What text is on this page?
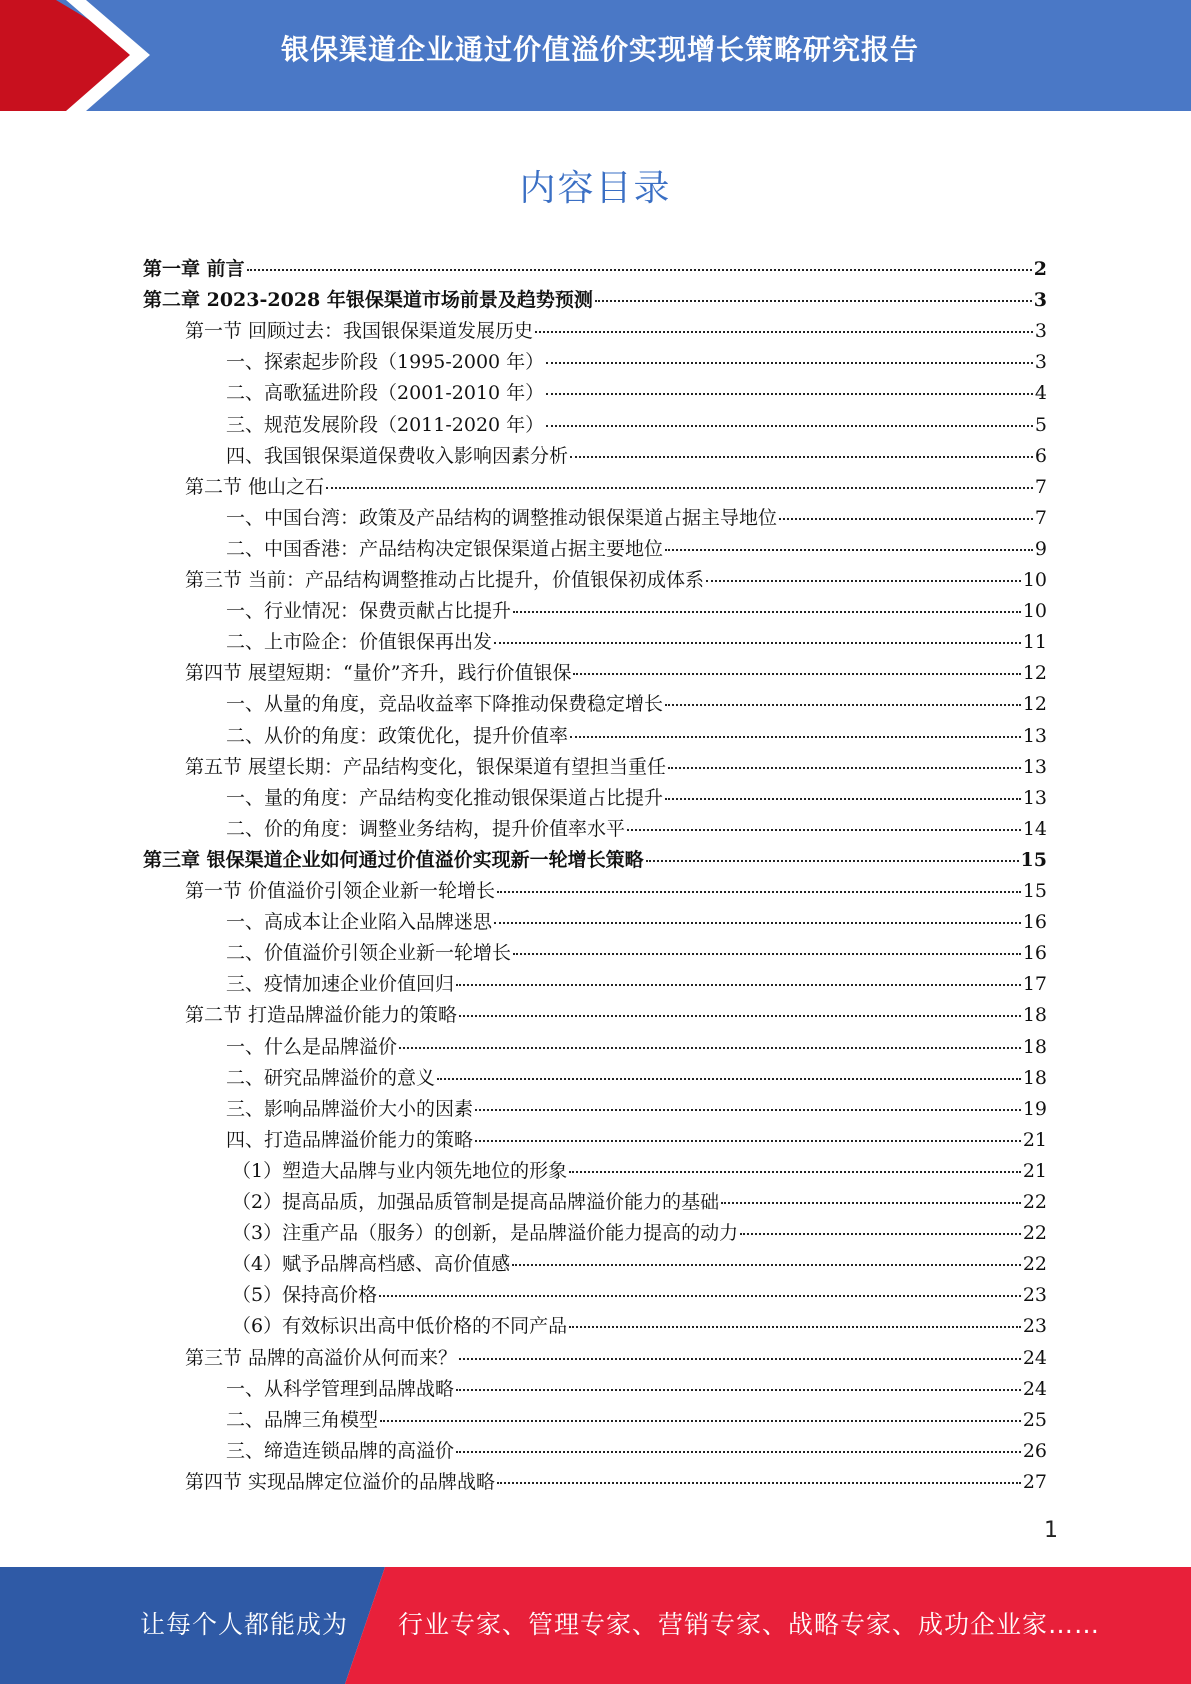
银保渠道企业通过价值溢价实现增长策略研究报告
内容目录
第一章 前言	2
第二章 2023-2028 年银保渠道市场前景及趋势预测	3
第一节 回顾过去：我国银保渠道发展历史	3
一、探索起步阶段（1995-2000 年）	3
二、高歌猛进阶段（2001-2010 年）	4
三、规范发展阶段（2011-2020 年）	5
四、我国银保渠道保费收入影响因素分析	6
第二节 他山之石	7
一、中国台湾：政策及产品结构的调整推动银保渠道占据主导地位	7
二、中国香港：产品结构决定银保渠道占据主要地位	9
第三节 当前：产品结构调整推动占比提升，价值银保初成体系	10
一、行业情况：保费贡献占比提升	10
二、上市险企：价值银保再出发	11
第四节 展望短期：“量价”齐升，践行价值银保	12
一、从量的角度，竞品收益率下降推动保费稳定增长	12
二、从价的角度：政策优化，提升价值率	13
第五节 展望长期：产品结构变化，银保渠道有望担当重任	13
一、量的角度：产品结构变化推动银保渠道占比提升	13
二、价的角度：调整业务结构，提升价值率水平	14
第三章 银保渠道企业如何通过价值溢价实现新一轮增长策略	15
第一节 价值溢价引领企业新一轮增长	15
一、高成本让企业陷入品牌迷思	16
二、价值溢价引领企业新一轮增长	16
三、疫情加速企业价值回归	17
第二节 打造品牌溢价能力的策略	18
一、什么是品牌溢价	18
二、研究品牌溢价的意义	18
三、影响品牌溢价大小的因素	19
四、打造品牌溢价能力的策略	21
（1）塑造大品牌与业内领先地位的形象	21
（2）提高品质，加强品质管制是提高品牌溢价能力的基础	22
（3）注重产品（服务）的创新，是品牌溢价能力提高的动力	22
（4）赋予品牌高档感、高价值感	22
（5）保持高价格	23
（6）有效标识出高中低价格的不同产品	23
第三节 品牌的高溢价从何而来？	24
一、从科学管理到品牌战略	24
二、品牌三角模型	25
三、缔造连锁品牌的高溢价	26
第四节 实现品牌定位溢价的品牌战略	27
1
让每个人都能成为 行业专家、管理专家、营销专家、战略专家、成功企业家……
